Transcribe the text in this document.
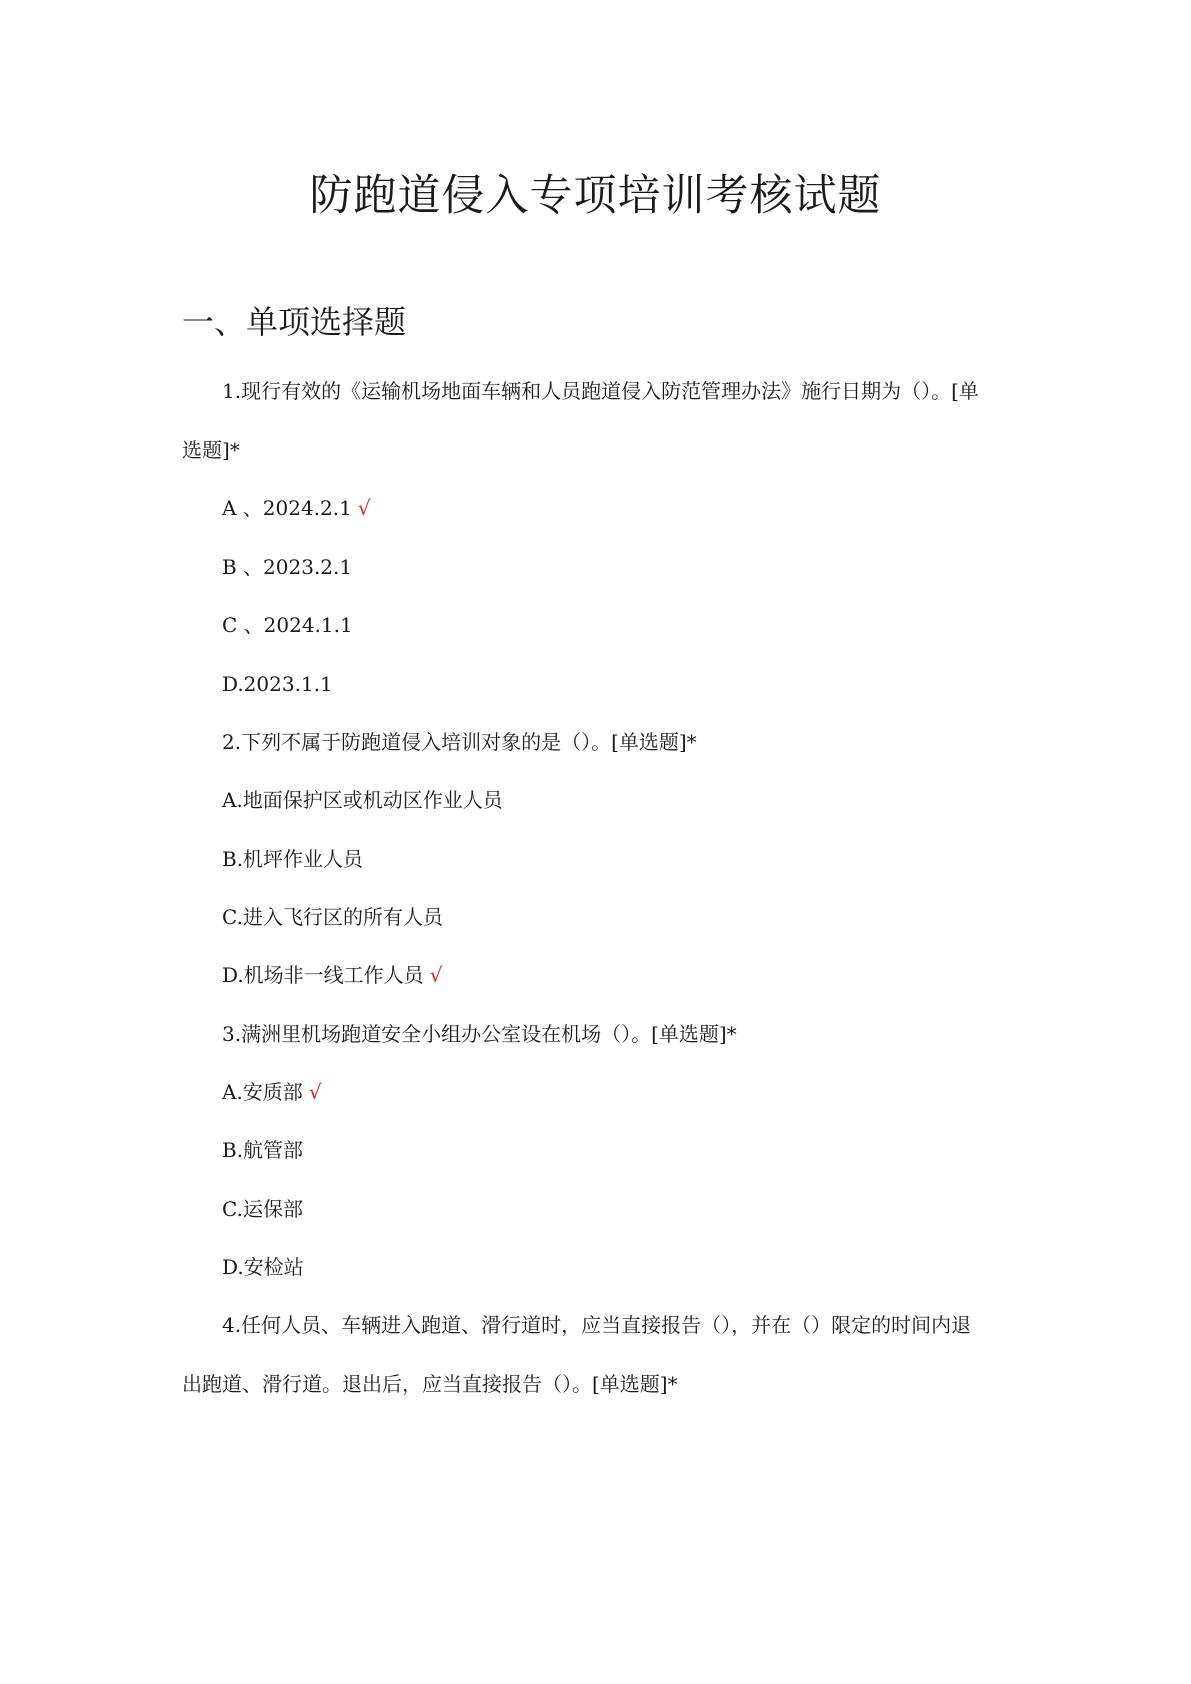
防跑道侵入专项培训考核试题
一、单项选择题

1.现行有效的《运输机场地面车辆和人员跑道侵入防范管理办法》施行日期为（）。[单

选题]*

A 、2024.2.1 √

B 、2023.2.1

C 、2024.1.1

D.2023.1.1

2.下列不属于防跑道侵入培训对象的是（）。[单选题]*

A.地面保护区或机动区作业人员

B.机坪作业人员

C.进入飞行区的所有人员

D.机场非一线工作人员 √

3.满洲里机场跑道安全小组办公室设在机场（）。[单选题]*

A.安质部 √

B.航管部

C.运保部

D.安检站

4.任何人员、车辆进入跑道、滑行道时，应当直接报告（），并在（）限定的时间内退

出跑道、滑行道。退出后，应当直接报告（）。[单选题]*
